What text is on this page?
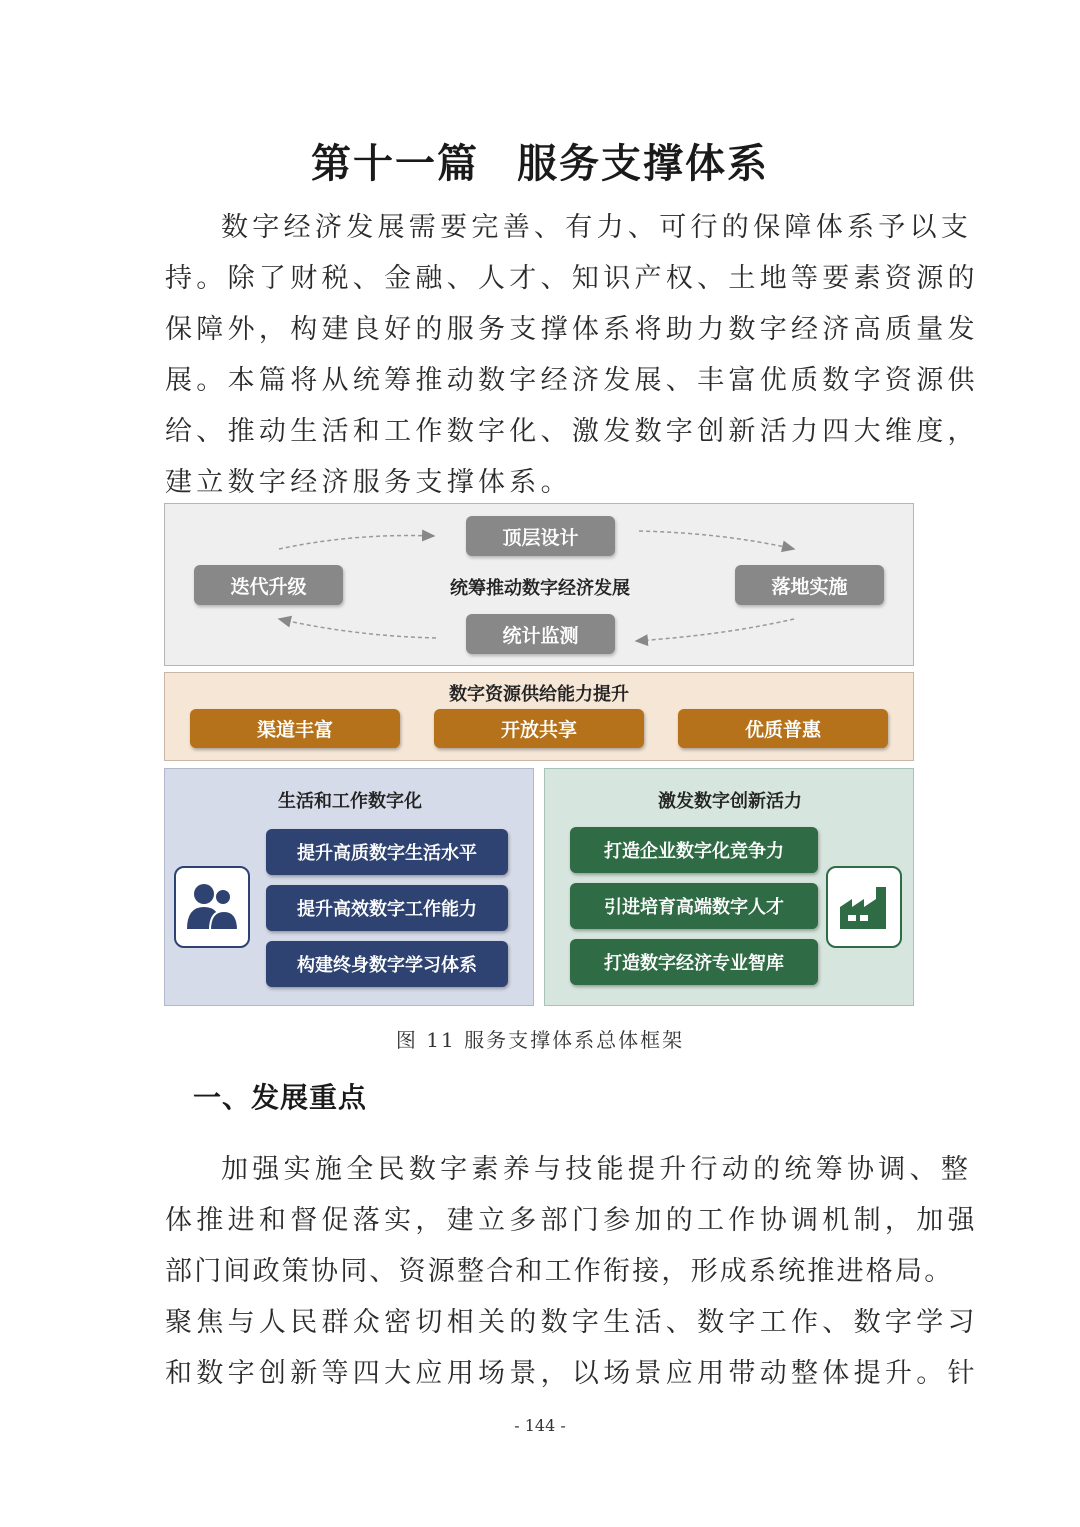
第十一篇 服务支撑体系
数字经济发展需要完善、有力、可行的保障体系予以支
持。除了财税、金融、人才、知识产权、土地等要素资源的
保障外，构建良好的服务支撑体系将助力数字经济高质量发
展。本篇将从统筹推动数字经济发展、丰富优质数字资源供
给、推动生活和工作数字化、激发数字创新活力四大维度，
建立数字经济服务支撑体系。
顶层设计
迭代升级	落地实施
统计监测
统筹推动数字经济发展
数字资源供给能力提升
渠道丰富	开放共享	优质普惠
生活和工作数字化
提升高质数字生活水平
提升高效数字工作能力
构建终身数字学习体系
激发数字创新活力
打造企业数字化竞争力
引进培育高端数字人才
打造数字经济专业智库
图 11 服务支撑体系总体框架
一、发展重点
加强实施全民数字素养与技能提升行动的统筹协调、整
体推进和督促落实，建立多部门参加的工作协调机制，加强
部门间政策协同、资源整合和工作衔接，形成系统推进格局。
聚焦与人民群众密切相关的数字生活、数字工作、数字学习
和数字创新等四大应用场景，以场景应用带动整体提升。针
- 144 -
